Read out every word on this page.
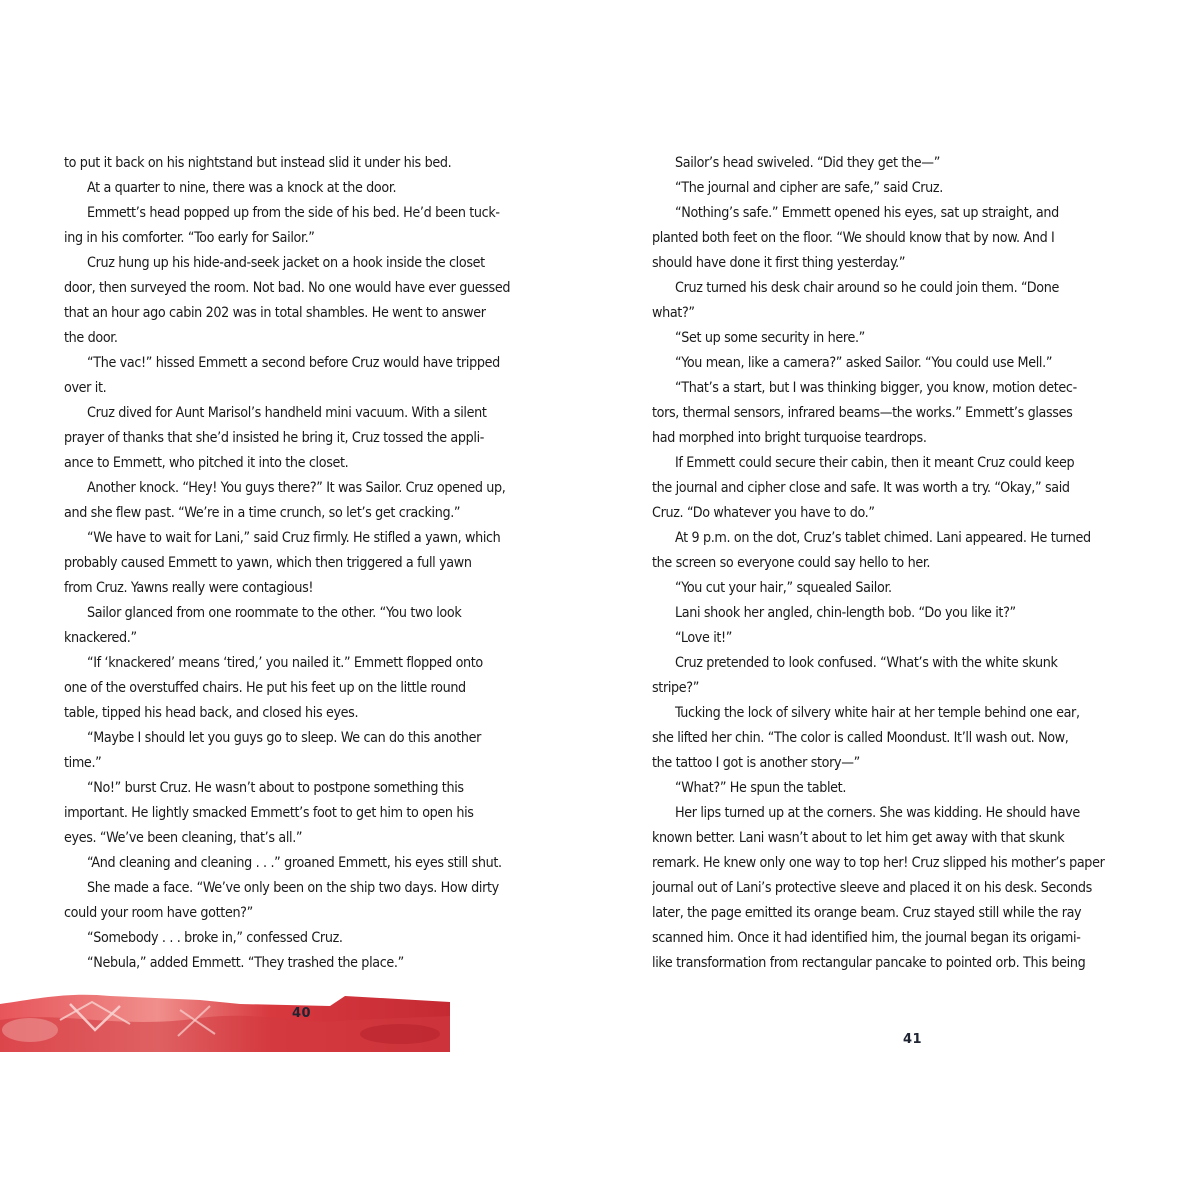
to put it back on his nightstand but instead slid it under his bed.
At a quarter to nine, there was a knock at the door.
Emmett’s head popped up from the side of his bed. He’d been tuck-
ing in his comforter. “Too early for Sailor.”
Cruz hung up his hide-and-seek jacket on a hook inside the closet
door, then surveyed the room. Not bad. No one would have ever guessed
that an hour ago cabin 202 was in total shambles. He went to answer
the door.
“The vac!” hissed Emmett a second before Cruz would have tripped
over it.
Cruz dived for Aunt Marisol’s handheld mini vacuum. With a silent
prayer of thanks that she’d insisted he bring it, Cruz tossed the appli-
ance to Emmett, who pitched it into the closet.
Another knock. “Hey! You guys there?” It was Sailor. Cruz opened up,
and she flew past. “We’re in a time crunch, so let’s get cracking.”
“We have to wait for Lani,” said Cruz firmly. He stifled a yawn, which
probably caused Emmett to yawn, which then triggered a full yawn
from Cruz. Yawns really were contagious!
Sailor glanced from one roommate to the other. “You two look
knackered.”
“If ‘knackered’ means ‘tired,’ you nailed it.” Emmett flopped onto
one of the overstuffed chairs. He put his feet up on the little round
table, tipped his head back, and closed his eyes.
“Maybe I should let you guys go to sleep. We can do this another
time.”
“No!” burst Cruz. He wasn’t about to postpone something this
important. He lightly smacked Emmett’s foot to get him to open his
eyes. “We’ve been cleaning, that’s all.”
“And cleaning and cleaning . . .” groaned Emmett, his eyes still shut.
She made a face. “We’ve only been on the ship two days. How dirty
could your room have gotten?”
“Somebody . . . broke in,” confessed Cruz.
“Nebula,” added Emmett. “They trashed the place.”
Sailor’s head swiveled. “Did they get the—”
“The journal and cipher are safe,” said Cruz.
“Nothing’s safe.” Emmett opened his eyes, sat up straight, and
planted both feet on the floor. “We should know that by now. And I
should have done it first thing yesterday.”
Cruz turned his desk chair around so he could join them. “Done
what?”
“Set up some security in here.”
“You mean, like a camera?” asked Sailor. “You could use Mell.”
“That’s a start, but I was thinking bigger, you know, motion detec-
tors, thermal sensors, infrared beams—the works.” Emmett’s glasses
had morphed into bright turquoise teardrops.
If Emmett could secure their cabin, then it meant Cruz could keep
the journal and cipher close and safe. It was worth a try. “Okay,” said
Cruz. “Do whatever you have to do.”
At 9 p.m. on the dot, Cruz’s tablet chimed. Lani appeared. He turned
the screen so everyone could say hello to her.
“You cut your hair,” squealed Sailor.
Lani shook her angled, chin-length bob. “Do you like it?”
“Love it!”
Cruz pretended to look confused. “What’s with the white skunk
stripe?”
Tucking the lock of silvery white hair at her temple behind one ear,
she lifted her chin. “The color is called Moondust. It’ll wash out. Now,
the tattoo I got is another story—”
“What?” He spun the tablet.
Her lips turned up at the corners. She was kidding. He should have
known better. Lani wasn’t about to let him get away with that skunk
remark. He knew only one way to top her! Cruz slipped his mother’s paper
journal out of Lani’s protective sleeve and placed it on his desk. Seconds
later, the page emitted its orange beam. Cruz stayed still while the ray
scanned him. Once it had identified him, the journal began its origami-
like transformation from rectangular pancake to pointed orb. This being
40
41
